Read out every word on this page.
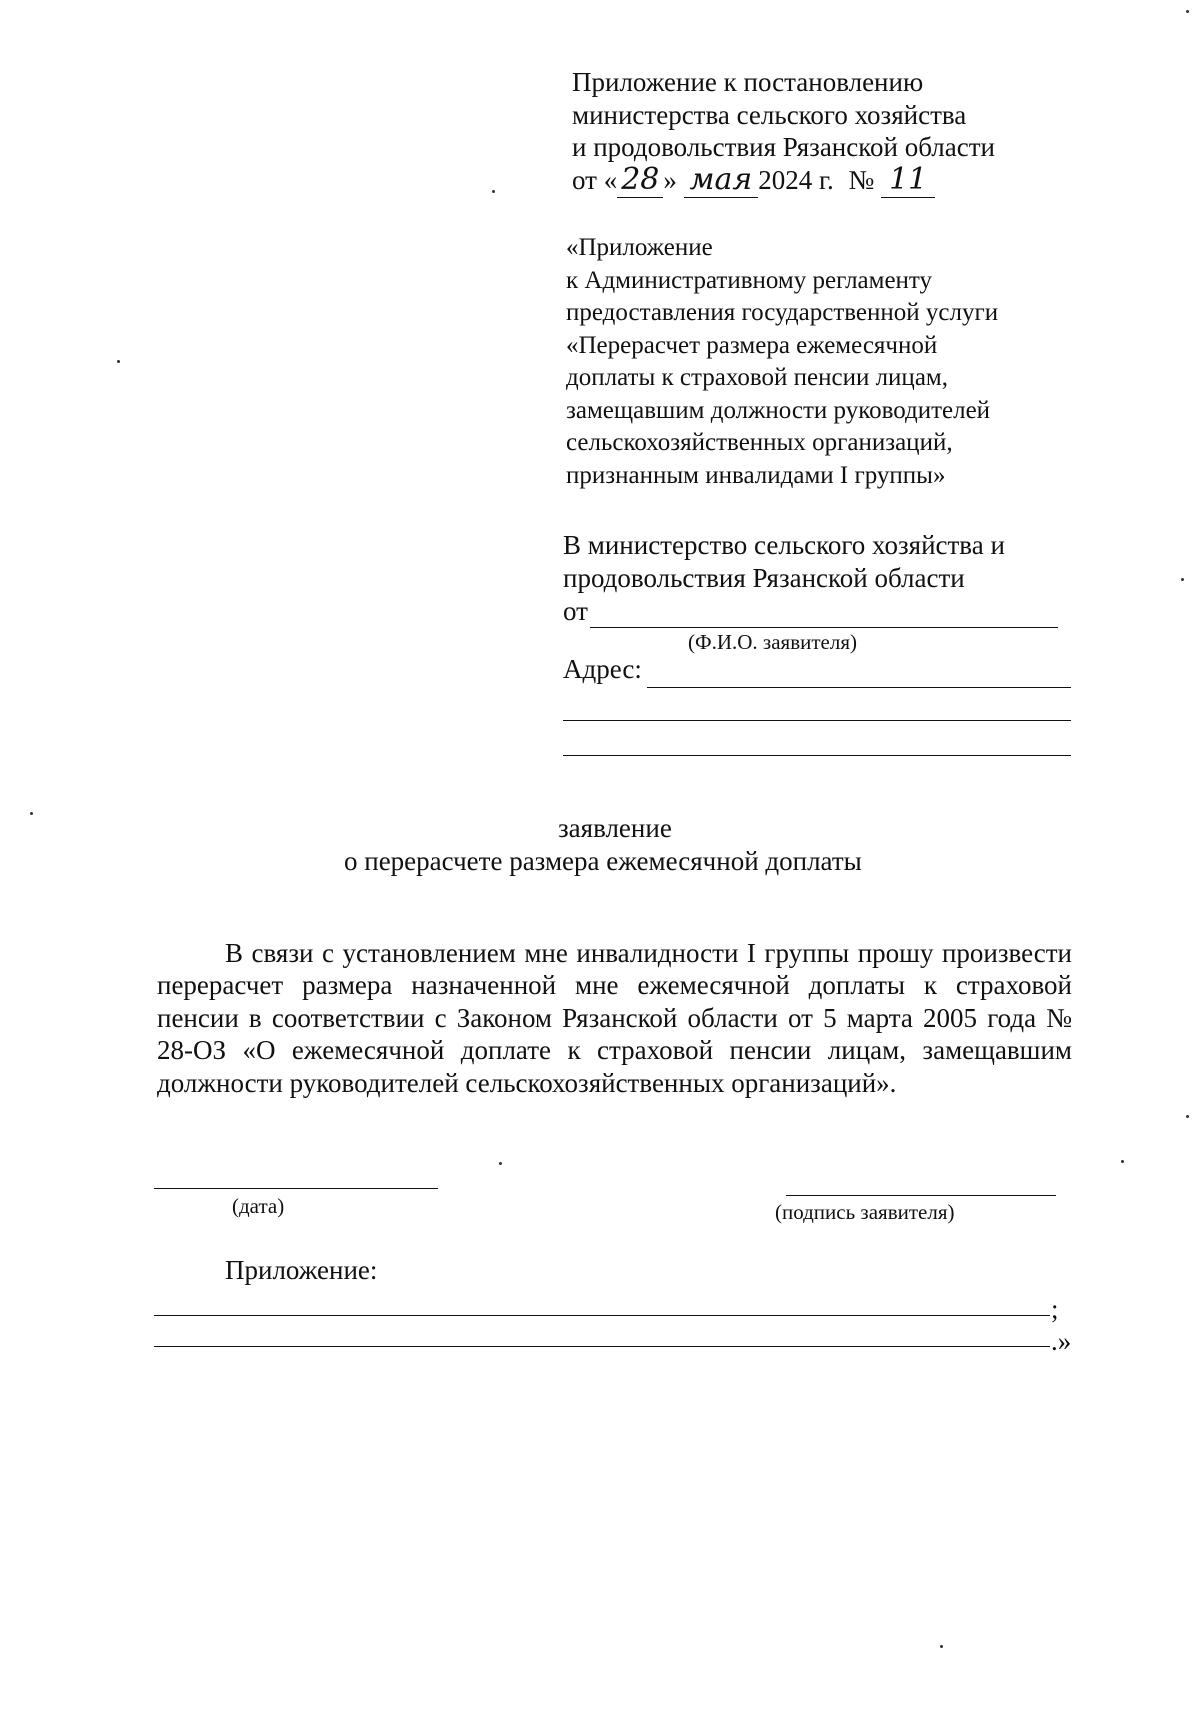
Приложение к постановлению
министерства сельского хозяйства
и продовольствия Рязанской области
от « 28 » мая 2024 г. № 11
«Приложение
к Административному регламенту
предоставления государственной услуги
«Перерасчет размера ежемесячной
доплаты к страховой пенсии лицам,
замещавшим должности руководителей
сельскохозяйственных организаций,
признанным инвалидами I группы»
В министерство сельского хозяйства и
продовольствия Рязанской области
от
(Ф.И.О. заявителя)
Адрес:
заявление
о перерасчете размера ежемесячной доплаты

В связи с установлением мне инвалидности I группы прошу произвести перерасчет размера назначенной мне ежемесячной доплаты к страховой пенсии в соответствии с Законом Рязанской области от 5 марта 2005 года № 28-ОЗ «О ежемесячной доплате к страховой пенсии лицам, замещавшим должности руководителей сельскохозяйственных организаций».

(дата)	(подпись заявителя)
Приложение:
;
.»
